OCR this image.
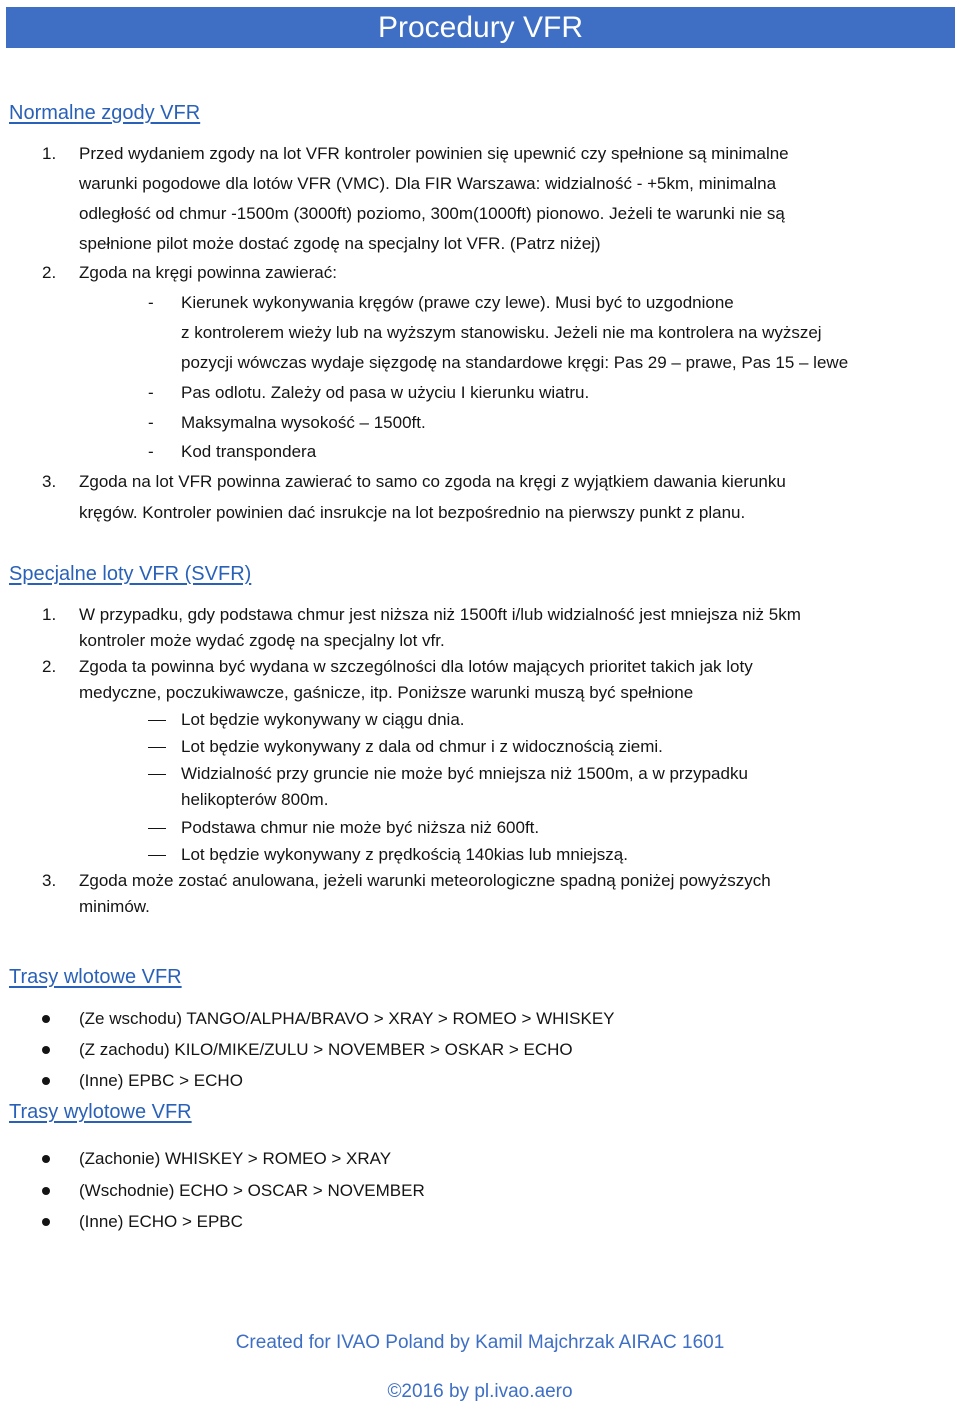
Procedury VFR
Normalne zgody VFR
1. Przed wydaniem zgody na lot VFR kontroler powinien się upewnić czy spełnione są minimalne
warunki pogodowe dla lotów VFR (VMC). Dla FIR Warszawa: widzialność - +5km, minimalna
odległość od chmur -1500m (3000ft) poziomo, 300m(1000ft) pionowo. Jeżeli te warunki nie są
spełnione pilot może dostać zgodę na specjalny lot VFR. (Patrz niżej)
2. Zgoda na kręgi powinna zawierać:
- Kierunek wykonywania kręgów (prawe czy lewe). Musi być to uzgodnione
z kontrolerem wieży lub na wyższym stanowisku. Jeżeli nie ma kontrolera na wyższej
pozycji wówczas wydaje sięzgodę na standardowe kręgi: Pas 29 – prawe, Pas 15 – lewe
- Pas odlotu. Zależy od pasa w użyciu I kierunku wiatru.
- Maksymalna wysokość – 1500ft.
- Kod transpondera
3. Zgoda na lot VFR powinna zawierać to samo co zgoda na kręgi z wyjątkiem dawania kierunku
kręgów. Kontroler powinien dać insrukcje na lot bezpośrednio na pierwszy punkt z planu.
Specjalne loty VFR (SVFR)
1. W przypadku, gdy podstawa chmur jest niższa niż 1500ft i/lub widzialność jest mniejsza niż 5km
kontroler może wydać zgodę na specjalny lot vfr.
2. Zgoda ta powinna być wydana w szczególności dla lotów mających prioritet takich jak loty
medyczne, poczukiwawcze, gaśnicze, itp. Poniższe warunki muszą być spełnione
Lot będzie wykonywany w ciągu dnia.
Lot będzie wykonywany z dala od chmur i z widocznością ziemi.
Widzialność przy gruncie nie może być mniejsza niż 1500m, a w przypadku
helikopterów 800m.
Podstawa chmur nie może być niższa niż 600ft.
Lot będzie wykonywany z prędkością 140kias lub mniejszą.
3. Zgoda może zostać anulowana, jeżeli warunki meteorologiczne spadną poniżej powyższych
minimów.
Trasy wlotowe VFR
(Ze wschodu) TANGO/ALPHA/BRAVO > XRAY > ROMEO > WHISKEY
(Z zachodu) KILO/MIKE/ZULU > NOVEMBER > OSKAR > ECHO
(Inne) EPBC > ECHO
Trasy wylotowe VFR
(Zachonie) WHISKEY > ROMEO > XRAY
(Wschodnie) ECHO > OSCAR > NOVEMBER
(Inne) ECHO > EPBC
Created for IVAO Poland by Kamil Majchrzak AIRAC 1601
©2016 by pl.ivao.aero
